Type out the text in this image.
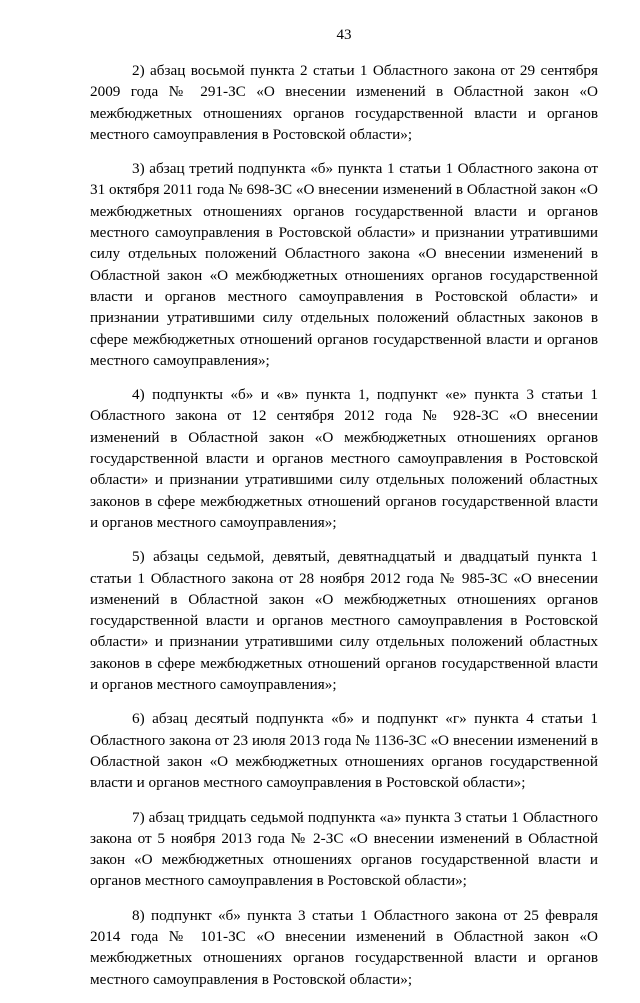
43

2) абзац восьмой пункта 2 статьи 1 Областного закона от 29 сентября 2009 года № 291-ЗС «О внесении изменений в Областной закон «О межбюджетных отношениях органов государственной власти и органов местного самоуправления в Ростовской области»;

3) абзац третий подпункта «б» пункта 1 статьи 1 Областного закона от 31 октября 2011 года № 698-ЗС «О внесении изменений в Областной закон «О межбюджетных отношениях органов государственной власти и органов местного самоуправления в Ростовской области» и признании утратившими силу отдельных положений Областного закона «О внесении изменений в Областной закон «О межбюджетных отношениях органов государственной власти и органов местного самоуправления в Ростовской области» и признании утратившими силу отдельных положений областных законов в сфере межбюджетных отношений органов государственной власти и органов местного самоуправления»;

4) подпункты «б» и «в» пункта 1, подпункт «е» пункта 3 статьи 1 Областного закона от 12 сентября 2012 года № 928-ЗС «О внесении изменений в Областной закон «О межбюджетных отношениях органов государственной власти и органов местного самоуправления в Ростовской области» и признании утратившими силу отдельных положений областных законов в сфере межбюджетных отношений органов государственной власти и органов местного самоуправления»;

5) абзацы седьмой, девятый, девятнадцатый и двадцатый пункта 1 статьи 1 Областного закона от 28 ноября 2012 года № 985-ЗС «О внесении изменений в Областной закон «О межбюджетных отношениях органов государственной власти и органов местного самоуправления в Ростовской области» и признании утратившими силу отдельных положений областных законов в сфере межбюджетных отношений органов государственной власти и органов местного самоуправления»;

6) абзац десятый подпункта «б» и подпункт «г» пункта 4 статьи 1 Областного закона от 23 июля 2013 года № 1136-ЗС «О внесении изменений в Областной закон «О межбюджетных отношениях органов государственной власти и органов местного самоуправления в Ростовской области»;

7) абзац тридцать седьмой подпункта «а» пункта 3 статьи 1 Областного закона от 5 ноября 2013 года № 2-ЗС «О внесении изменений в Областной закон «О межбюджетных отношениях органов государственной власти и органов местного самоуправления в Ростовской области»;

8) подпункт «б» пункта 3 статьи 1 Областного закона от 25 февраля 2014 года № 101-ЗС «О внесении изменений в Областной закон «О межбюджетных отношениях органов государственной власти и органов местного самоуправления в Ростовской области»;
